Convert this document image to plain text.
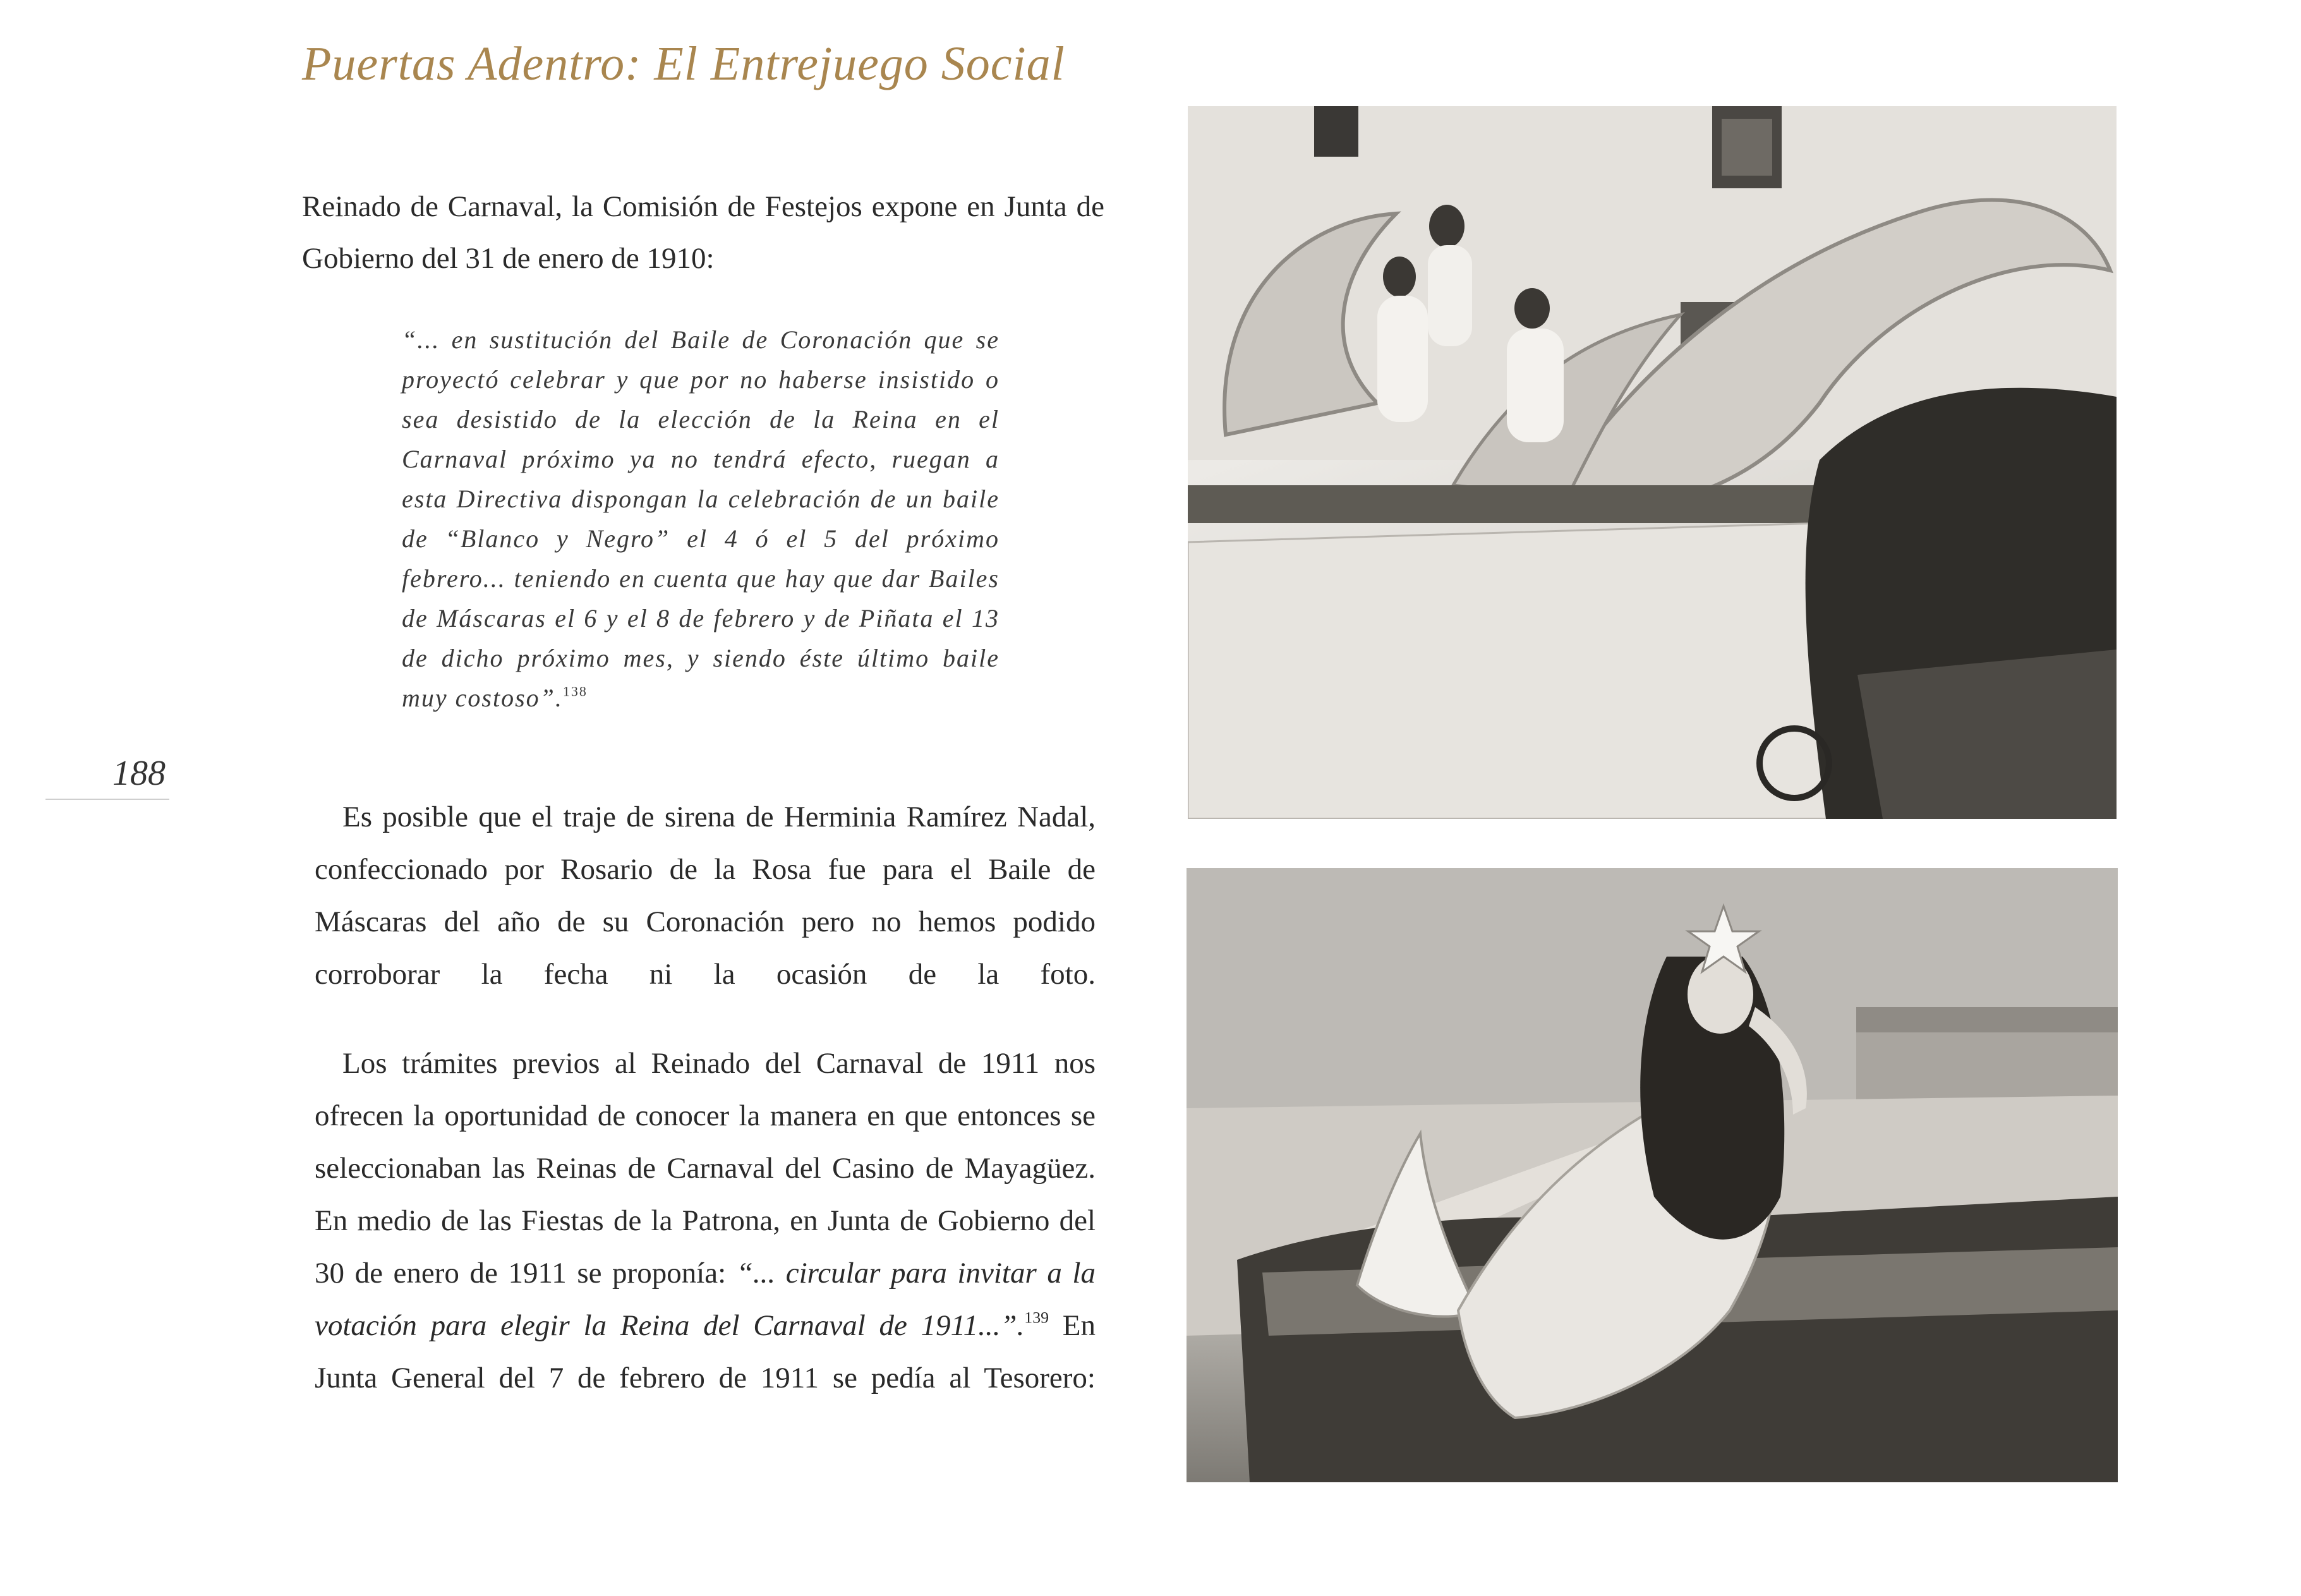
Puertas Adentro: El Entrejuego Social
188

Reinado de Carnaval, la Comisión de Festejos expone en Junta de Gobierno del 31 de enero de 1910:

“... en sustitución del Baile de Coronación que se proyectó celebrar y que por no haberse insistido o sea desistido de la elección de la Reina en el Carnaval próximo ya no tendrá efecto, ruegan a esta Directiva dispongan la celebración de un baile de “Blanco y Negro” el 4 ó el 5 del próximo febrero... teniendo en cuenta que hay que dar Bailes de Máscaras el 6 y el 8 de febrero y de Piñata el 13 de dicho próximo mes, y siendo éste último baile muy costoso”.$^{138}$

Es posible que el traje de sirena de Herminia Ramírez Nadal, confeccionado por Rosario de la Rosa fue para el Baile de Máscaras del año de su Coronación pero no hemos podido corroborar la fecha ni la ocasión de la foto.

Los trámites previos al Reinado del Carnaval de 1911 nos ofrecen la oportunidad de conocer la manera en que entonces se seleccionaban las Reinas de Carnaval del Casino de Mayagüez. En medio de las Fiestas de la Patrona, en Junta de Gobierno del 30 de enero de 1911 se proponía: “... circular para invitar a la votación para elegir la Reina del Carnaval de 1911...”.$^{139}$ En Junta General del 7 de febrero de 1911 se pedía al Tesorero:
